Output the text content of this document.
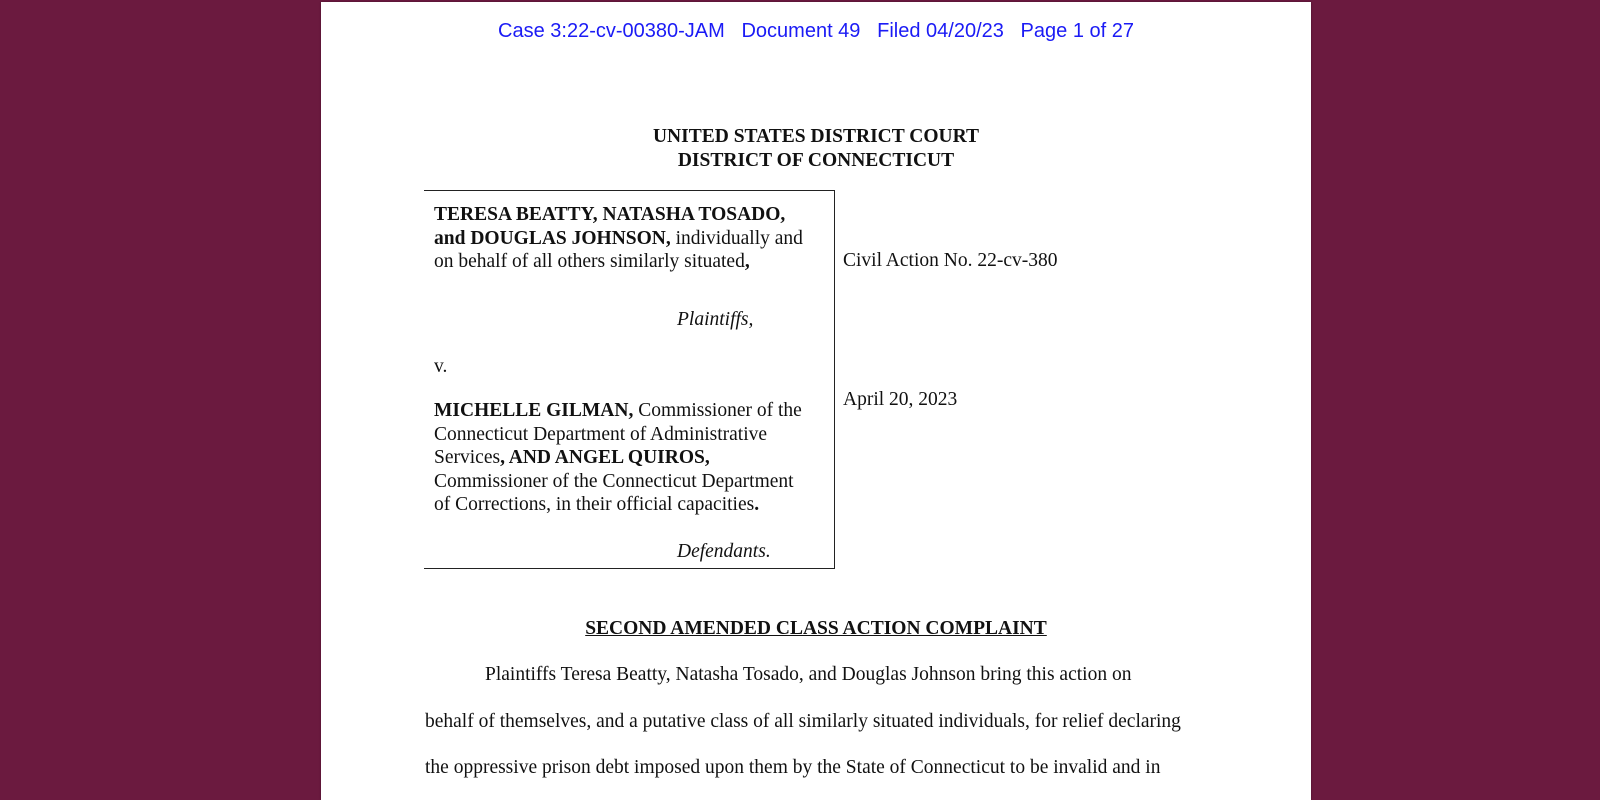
Case 3:22-cv-00380-JAM Document 49 Filed 04/20/23 Page 1 of 27
UNITED STATES DISTRICT COURT
DISTRICT OF CONNECTICUT
TERESA BEATTY, NATASHA TOSADO,
and DOUGLAS JOHNSON, individually and
on behalf of all others similarly situated,
Plaintiffs,
v.
MICHELLE GILMAN, Commissioner of the
Connecticut Department of Administrative
Services, AND ANGEL QUIROS,
Commissioner of the Connecticut Department
of Corrections, in their official capacities.
Defendants.
Civil Action No. 22-cv-380
April 20, 2023
SECOND AMENDED CLASS ACTION COMPLAINT
Plaintiffs Teresa Beatty, Natasha Tosado, and Douglas Johnson bring this action on
behalf of themselves, and a putative class of all similarly situated individuals, for relief declaring
the oppressive prison debt imposed upon them by the State of Connecticut to be invalid and in
